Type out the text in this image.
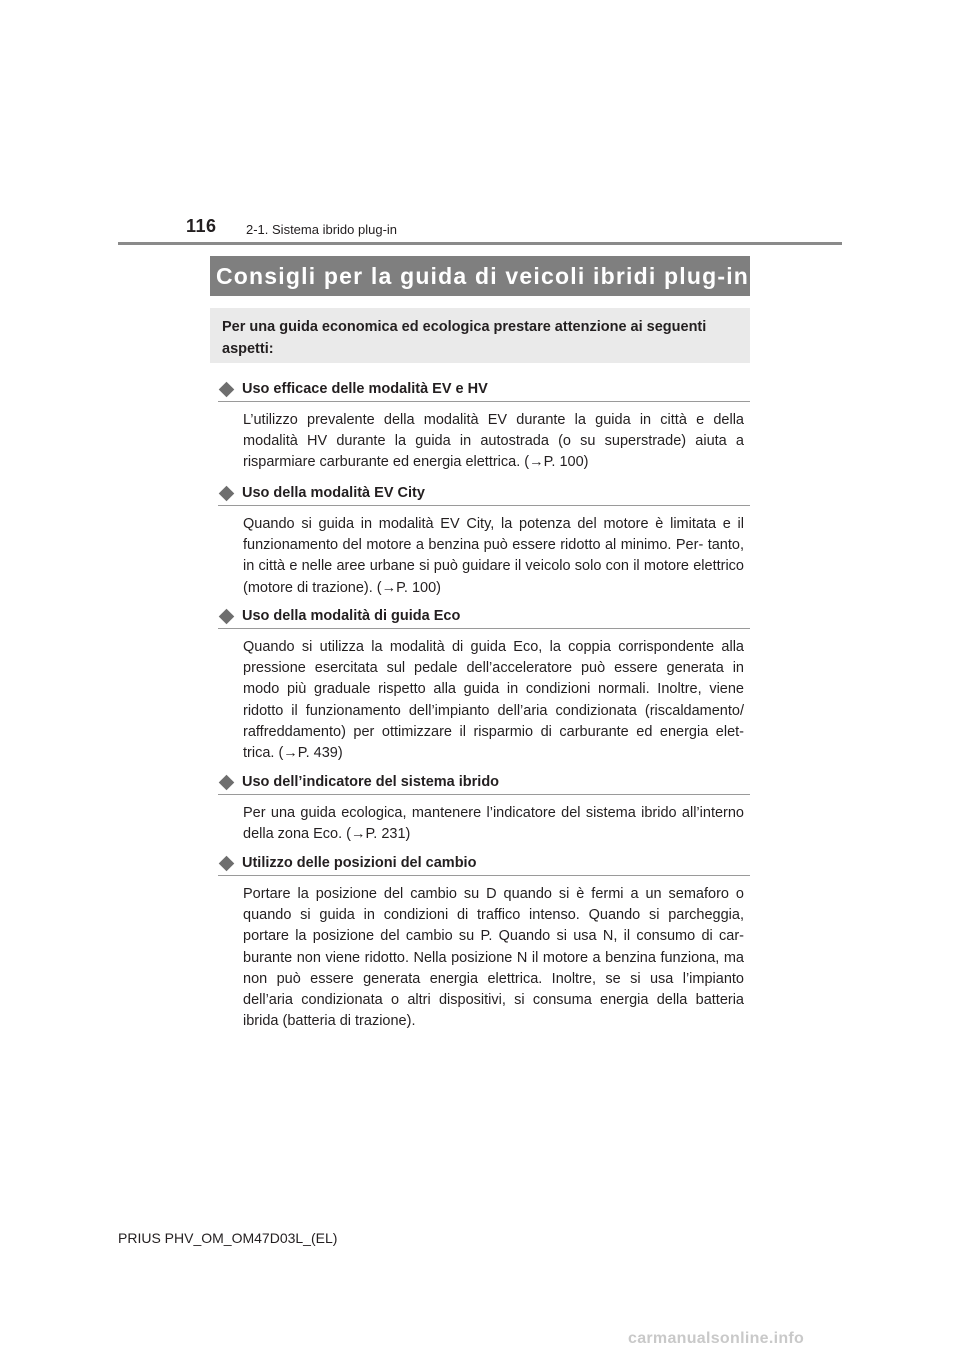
116 2-1. Sistema ibrido plug-in
Consigli per la guida di veicoli ibridi plug-in
Per una guida economica ed ecologica prestare attenzione ai seguenti aspetti:
Uso efficace delle modalità EV e HV
L’utilizzo prevalente della modalità EV durante la guida in città e della modalità HV durante la guida in autostrada (o su superstrade) aiuta a risparmiare carburante ed energia elettrica. (→P. 100)
Uso della modalità EV City
Quando si guida in modalità EV City, la potenza del motore è limitata e il funzionamento del motore a benzina può essere ridotto al minimo. Per- tanto, in città e nelle aree urbane si può guidare il veicolo solo con il motore elettrico (motore di trazione). (→P. 100)
Uso della modalità di guida Eco
Quando si utilizza la modalità di guida Eco, la coppia corrispondente alla pressione esercitata sul pedale dell’acceleratore può essere generata in modo più graduale rispetto alla guida in condizioni normali. Inoltre, viene ridotto il funzionamento dell’impianto dell’aria condizionata (riscaldamento/ raffreddamento) per ottimizzare il risparmio di carburante ed energia elet- trica. (→P. 439)
Uso dell’indicatore del sistema ibrido
Per una guida ecologica, mantenere l’indicatore del sistema ibrido all’interno della zona Eco. (→P. 231)
Utilizzo delle posizioni del cambio
Portare la posizione del cambio su D quando si è fermi a un semaforo o quando si guida in condizioni di traffico intenso. Quando si parcheggia, portare la posizione del cambio su P. Quando si usa N, il consumo di car- burante non viene ridotto. Nella posizione N il motore a benzina funziona, ma non può essere generata energia elettrica. Inoltre, se si usa l’impianto dell’aria condizionata o altri dispositivi, si consuma energia della batteria ibrida (batteria di trazione).
PRIUS PHV_OM_OM47D03L_(EL)
carmanualsonline.info
